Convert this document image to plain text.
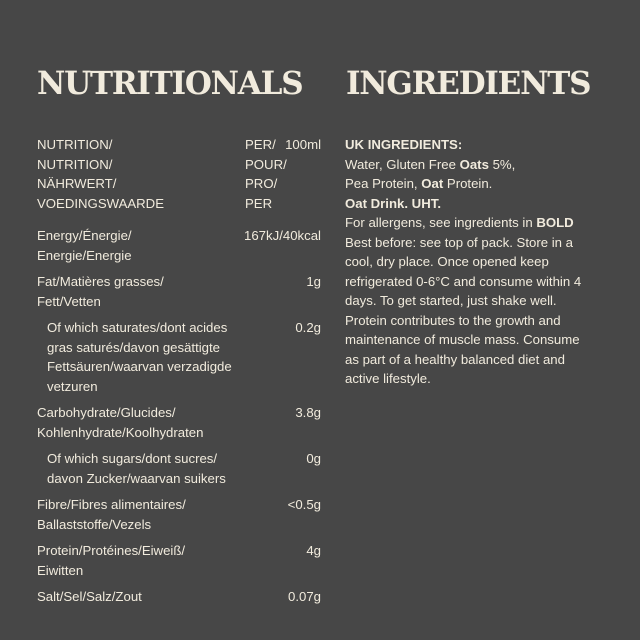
NUTRITIONALS INGREDIENTS
NUTRITION/
NUTRITION/
NÄHRWERT/
VOEDINGSWAARDE
PER/ 100ml
POUR/
PRO/
PER
Energy/Énergie/
Energie/Energie
167kJ/40kcal
Fat/Matières grasses/
Fett/Vetten
1g
Of which saturates/dont acides
gras saturés/davon gesättigte
Fettsäuren/waarvan verzadigde
vetzuren
0.2g
Carbohydrate/Glucides/
Kohlenhydrate/Koolhydraten
3.8g
Of which sugars/dont sucres/
davon Zucker/waarvan suikers
0g
Fibre/Fibres alimentaires/
Ballaststoffe/Vezels
<0.5g
Protein/Protéines/Eiweiß/
Eiwitten
4g
Salt/Sel/Salz/Zout	0.07g
UK INGREDIENTS:
Water, Gluten Free Oats 5%,
Pea Protein, Oat Protein.
Oat Drink. UHT.
For allergens, see ingredients in BOLD
Best before: see top of pack. Store in a cool, dry place. Once opened keep refrigerated 0-6°C and consume within 4 days. To get started, just shake well. Protein contributes to the growth and maintenance of muscle mass. Consume as part of a healthy balanced diet and active lifestyle.
